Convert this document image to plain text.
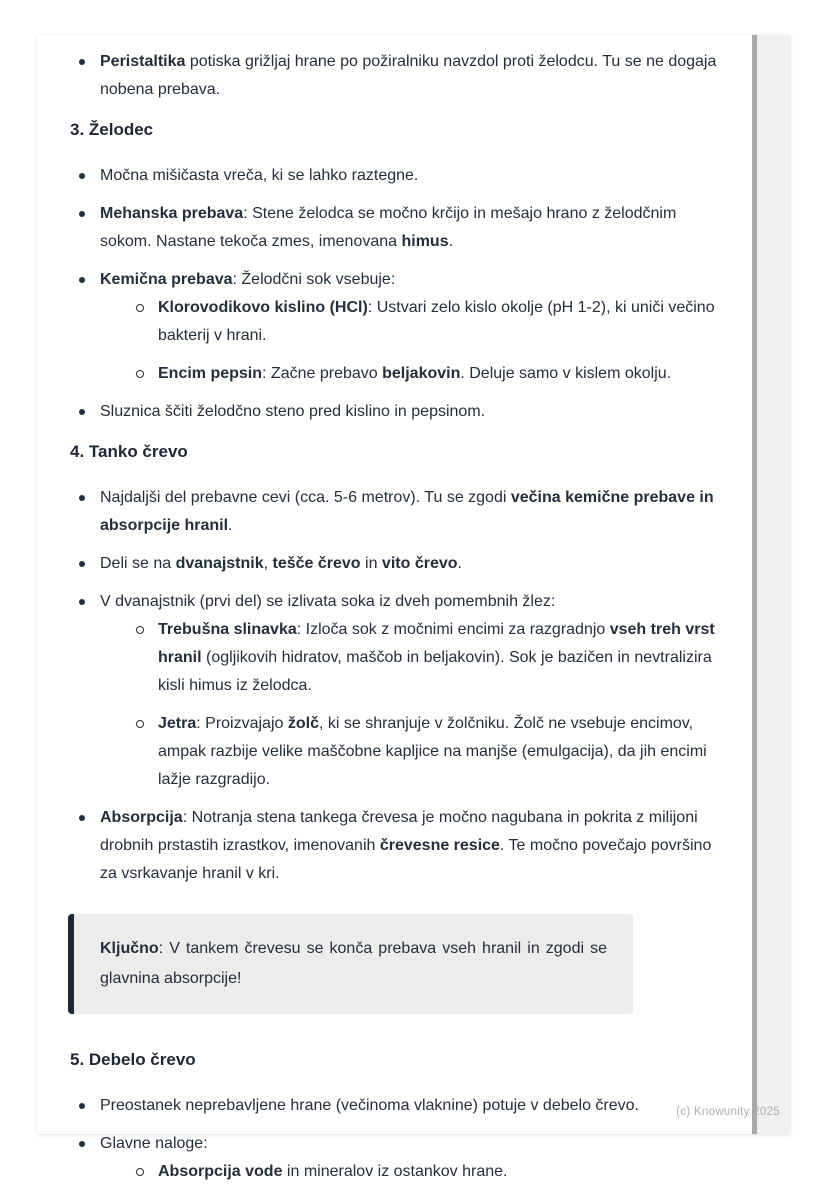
Peristaltika potiska grižljaj hrane po požiralniku navzdol proti želodcu. Tu se ne dogaja nobena prebava.
3. Želodec
Močna mišičasta vreča, ki se lahko raztegne.
Mehanska prebava: Stene želodca se močno krčijo in mešajo hrano z želodčnim sokom. Nastane tekoča zmes, imenovana himus.
Kemična prebava: Želodčni sok vsebuje:
Klorovodikovo kislino (HCl): Ustvari zelo kislo okolje (pH 1-2), ki uniči večino bakterij v hrani.
Encim pepsin: Začne prebavo beljakovin. Deluje samo v kislem okolju.
Sluznica ščiti želodčno steno pred kislino in pepsinom.
4. Tanko črevo
Najdaljši del prebavne cevi (cca. 5-6 metrov). Tu se zgodi večina kemične prebave in absorpcije hranil.
Deli se na dvanajstnik, tešče črevo in vito črevo.
V dvanajstnik (prvi del) se izlivata soka iz dveh pomembnih žlez:
Trebušna slinavka: Izloča sok z močnimi encimi za razgradnjo vseh treh vrst hranil (ogljikovih hidratov, maščob in beljakovin). Sok je bazičen in nevtralizira kisli himus iz želodca.
Jetra: Proizvajajo žolč, ki se shranjuje v žolčniku. Žolč ne vsebuje encimov, ampak razbije velike maščobne kapljice na manjše (emulgacija), da jih encimi lažje razgradijo.
Absorpcija: Notranja stena tankega črevesa je močno nagubana in pokrita z milijoni drobnih prstastih izrastkov, imenovanih črevesne resice. Te močno povečajo površino za vsrkavanje hranil v kri.
Ključno: V tankem črevesu se konča prebava vseh hranil in zgodi se glavnina absorpcije!
5. Debelo črevo
Preostanek neprebavljene hrane (večinoma vlaknine) potuje v debelo črevo.
Glavne naloge:
Absorpcija vode in mineralov iz ostankov hrane.
(c) Knowunity 2025
